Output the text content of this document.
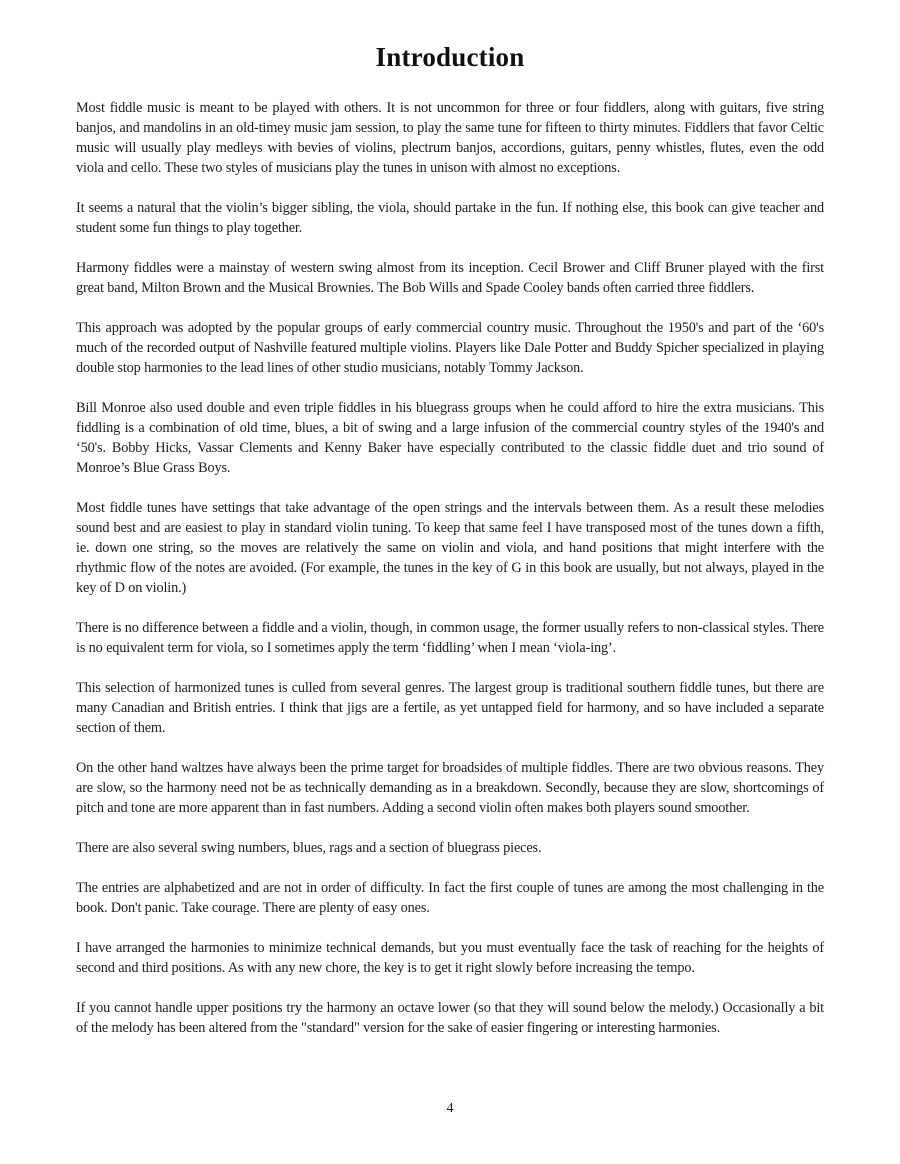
Introduction

Most fiddle music is meant to be played with others. It is not uncommon for three or four fiddlers, along with guitars, five string banjos, and mandolins in an old-timey music jam session, to play the same tune for fifteen to thirty minutes. Fiddlers that favor Celtic music will usually play medleys with bevies of violins, plectrum banjos, accordions, guitars, penny whistles, flutes, even the odd viola and cello. These two styles of musicians play the tunes in unison with almost no exceptions.

It seems a natural that the violin’s bigger sibling, the viola, should partake in the fun. If nothing else, this book can give teacher and student some fun things to play together.

Harmony fiddles were a mainstay of western swing almost from its inception. Cecil Brower and Cliff Bruner played with the first great band, Milton Brown and the Musical Brownies. The Bob Wills and Spade Cooley bands often carried three fiddlers.

This approach was adopted by the popular groups of early commercial country music. Throughout the 1950's and part of the ‘60's much of the recorded output of Nashville featured multiple violins. Players like Dale Potter and Buddy Spicher specialized in playing double stop harmonies to the lead lines of other studio musicians, notably Tommy Jackson.

Bill Monroe also used double and even triple fiddles in his bluegrass groups when he could afford to hire the extra musicians. This fiddling is a combination of old time, blues, a bit of swing and a large infusion of the commercial country styles of the 1940's and ‘50's. Bobby Hicks, Vassar Clements and Kenny Baker have especially contributed to the classic fiddle duet and trio sound of Monroe’s Blue Grass Boys.

Most fiddle tunes have settings that take advantage of the open strings and the intervals between them. As a result these melodies sound best and are easiest to play in standard violin tuning. To keep that same feel I have transposed most of the tunes down a fifth, ie. down one string, so the moves are relatively the same on violin and viola, and hand positions that might interfere with the rhythmic flow of the notes are avoided. (For example, the tunes in the key of G in this book are usually, but not always, played in the key of D on violin.)

There is no difference between a fiddle and a violin, though, in common usage, the former usually refers to non-classical styles. There is no equivalent term for viola, so I sometimes apply the term ‘fiddling’ when I mean ‘viola-ing’.

This selection of harmonized tunes is culled from several genres. The largest group is traditional southern fiddle tunes, but there are many Canadian and British entries. I think that jigs are a fertile, as yet untapped field for harmony, and so have included a separate section of them.

On the other hand waltzes have always been the prime target for broadsides of multiple fiddles. There are two obvious reasons. They are slow, so the harmony need not be as technically demanding as in a breakdown. Secondly, because they are slow, shortcomings of pitch and tone are more apparent than in fast numbers. Adding a second violin often makes both players sound smoother.

There are also several swing numbers, blues, rags and a section of bluegrass pieces.

The entries are alphabetized and are not in order of difficulty. In fact the first couple of tunes are among the most challenging in the book. Don't panic. Take courage. There are plenty of easy ones.

I have arranged the harmonies to minimize technical demands, but you must eventually face the task of reaching for the heights of second and third positions. As with any new chore, the key is to get it right slowly before increasing the tempo.

If you cannot handle upper positions try the harmony an octave lower (so that they will sound below the melody.) Occasionally a bit of the melody has been altered from the "standard" version for the sake of easier fingering or interesting harmonies.

4
